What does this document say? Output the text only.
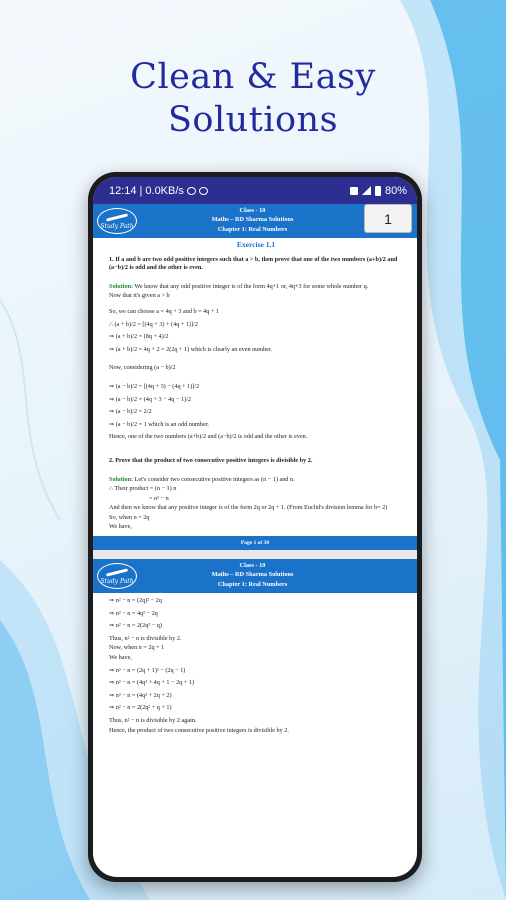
Clean & Easy
Solutions
12:14 | 0.0KB/s	80%
Study Path
Class - 10
Maths – RD Sharma Solutions
Chapter 1: Real Numbers
1
Exercise 1.1
1. If a and b are two odd positive integers such that a > b, then prove that one of the two numbers (a+b)/2 and (a−b)/2 is odd and the other is even.
Solution: We know that any odd positive integer is of the form 4q+1 or, 4q+3 for some whole number q.
Now that it's given a > b
So, we can choose a = 4q + 3 and b = 4q + 1
∴ (a + b)/2 = [(4q + 3) + (4q + 1)]/2
⇒ (a + b)/2 = (8q + 4)/2
⇒ (a + b)/2 = 4q + 2 = 2(2q + 1) which is clearly an even number.
Now, considering (a − b)/2
⇒ (a − b)/2 = [(4q + 3) − (4q + 1)]/2
⇒ (a − b)/2 = (4q + 3 − 4q − 1)/2
⇒ (a − b)/2 = 2/2
⇒ (a − b)/2 = 1 which is an odd number.
Hence, one of the two numbers (a+b)/2 and (a−b)/2 is odd and the other is even.
2. Prove that the product of two consecutive positive integers is divisible by 2.
Solution: Let's consider two consecutive positive integers as (n − 1) and n.
∴ Their product = (n − 1) n
= n² − n
And then we know that any positive integer is of the form 2q or 2q + 1. (From Euclid's division lemma for b= 2)
So, when n = 2q
We have,
Page 1 of 30
Study Path
Class - 10
Maths – RD Sharma Solutions
Chapter 1: Real Numbers
⇒ n² − n = (2q)² − 2q
⇒ n² − n = 4q² − 2q
⇒ n² − n = 2(2q² − q)
Thus, n² − n is divisible by 2.
Now, when n = 2q + 1
We have,
⇒ n² − n = (2q + 1)² − (2q − 1)
⇒ n² − n = (4q² + 4q + 1 − 2q + 1)
⇒ n² − n = (4q² + 2q + 2)
⇒ n² − n = 2(2q² + q + 1)
Thus, n² − n is divisible by 2 again.
Hence, the product of two consecutive positive integers is divisible by 2.
